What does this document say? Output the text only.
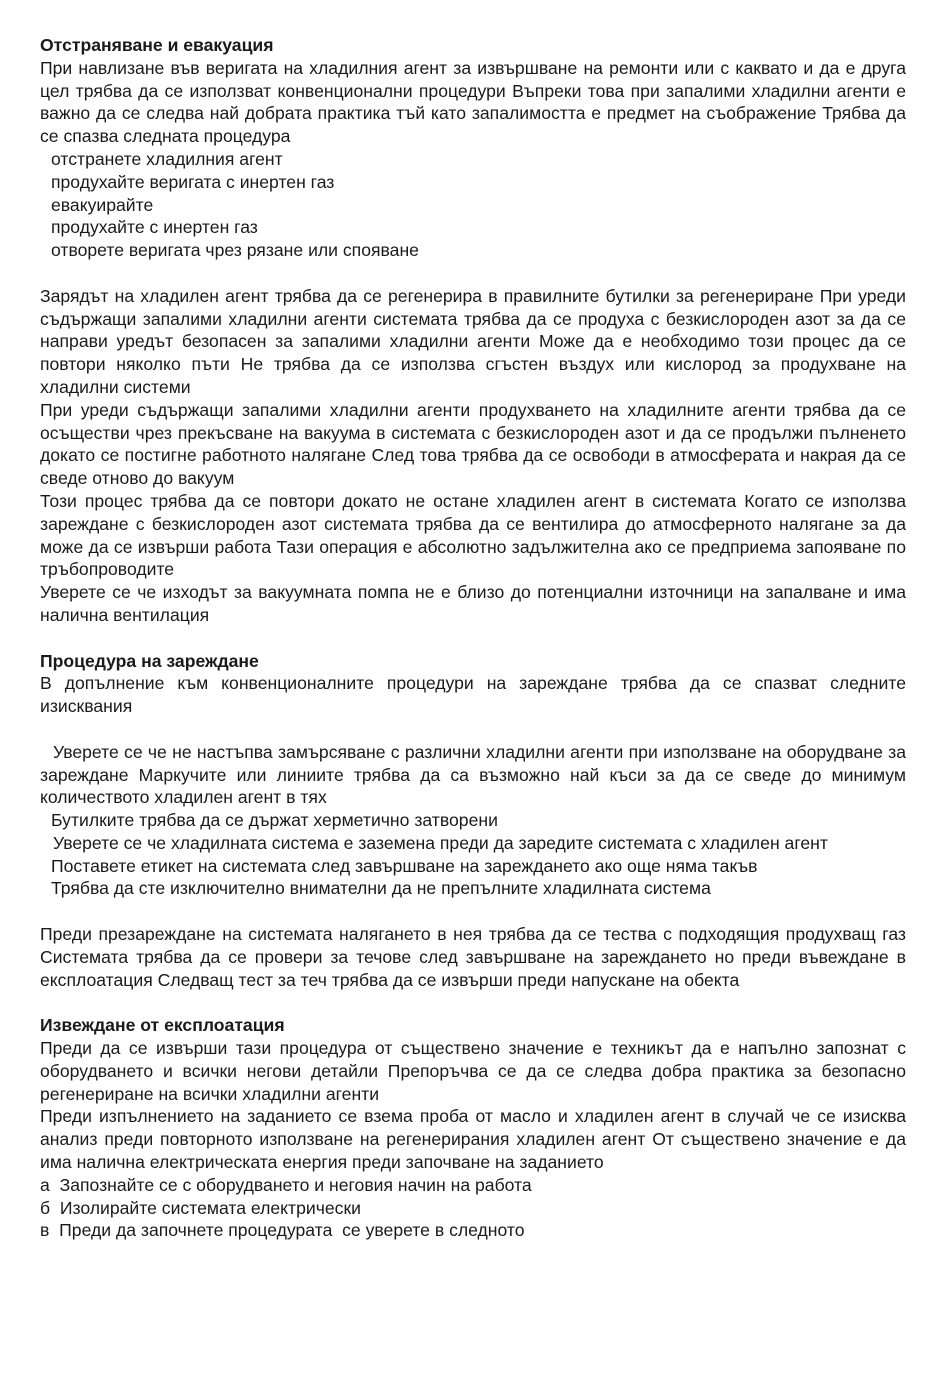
Отстраняване и евакуация

При навлизане във веригата на хладилния агент за извършване на ремонти или с каквато и да е друга цел трябва да се използват конвенционални процедури Въпреки това при запалими хладилни агенти е важно да се следва най добрата практика тъй като запалимостта е предмет на съображение Трябва да се спазва следната процедура

отстранете хладилния агент

продухайте веригата с инертен газ

евакуирайте

продухайте с инертен газ

отворете веригата чрез рязане или спояване

Зарядът на хладилен агент трябва да се регенерира в правилните бутилки за регенериране При уреди съдържащи запалими хладилни агенти системата трябва да се продуха с безкислороден азот за да се направи уредът безопасен за запалими хладилни агенти Може да е необходимо този процес да се повтори няколко пъти Не трябва да се използва сгъстен въздух или кислород за продухване на хладилни системи

При уреди съдържащи запалими хладилни агенти продухването на хладилните агенти трябва да се осъществи чрез прекъсване на вакуума в системата с безкислороден азот и да се продължи пълненето докато се постигне работното налягане След това трябва да се освободи в атмосферата и накрая да се сведе отново до вакуум

Този процес трябва да се повтори докато не остане хладилен агент в системата Когато се използва зареждане с безкислороден азот системата трябва да се вентилира до атмосферното налягане за да може да се извърши работа Тази операция е абсолютно задължителна ако се предприема запояване по тръбопроводите

Уверете се че изходът за вакуумната помпа не е близо до потенциални източници на запалване и има налична вентилация

Процедура на зареждане

В допълнение към конвенционалните процедури на зареждане трябва да се спазват следните изисквания

Уверете се че не настъпва замърсяване с различни хладилни агенти при използване на оборудване за зареждане Маркучите или линиите трябва да са възможно най къси за да се сведе до минимум количеството хладилен агент в тях

Бутилките трябва да се държат херметично затворени

Уверете се че хладилната система е заземена преди да заредите системата с хладилен агент

Поставете етикет на системата след завършване на зареждането ако още няма такъв

Трябва да сте изключително внимателни да не препълните хладилната система

Преди презареждане на системата налягането в нея трябва да се тества с подходящия продухващ газ Системата трябва да се провери за течове след завършване на зареждането но преди въвеждане в експлоатация Следващ тест за теч трябва да се извърши преди напускане на обекта

Извеждане от експлоатация

Преди да се извърши тази процедура от съществено значение е техникът да е напълно запознат с оборудването и всички негови детайли Препоръчва се да се следва добра практика за безопасно регенериране на всички хладилни агенти

Преди изпълнението на заданието се взема проба от масло и хладилен агент в случай че се изисква анализ преди повторното използване на регенерирания хладилен агент От съществено значение е да има налична електрическата енергия преди започване на заданието

а Запознайте се с оборудването и неговия начин на работа

б Изолирайте системата електрически

в Преди да започнете процедурата  се уверете в следното
